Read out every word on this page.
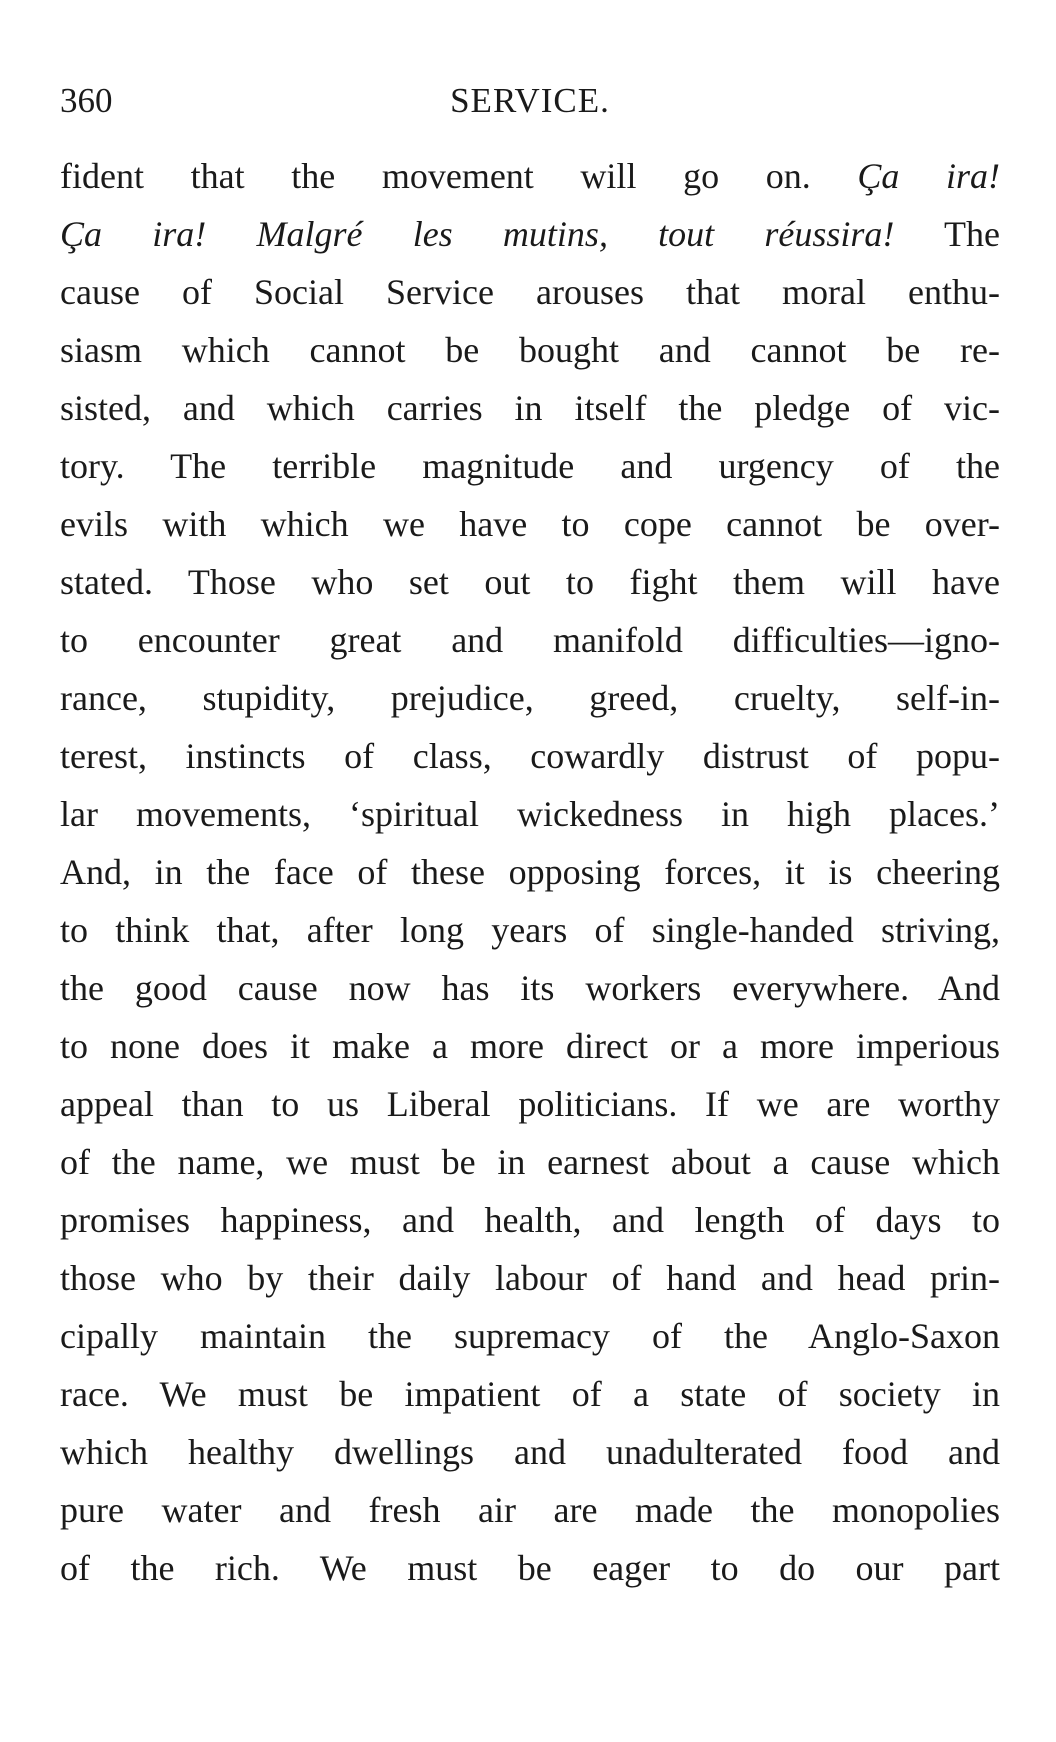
360	SERVICE.
fident that the movement will go on. Ça ira!
Ça ira! Malgré les mutins, tout réussira! The
cause of Social Service arouses that moral enthu-
siasm which cannot be bought and cannot be re-
sisted, and which carries in itself the pledge of vic-
tory. The terrible magnitude and urgency of the
evils with which we have to cope cannot be over-
stated. Those who set out to fight them will have
to encounter great and manifold difficulties—igno-
rance, stupidity, prejudice, greed, cruelty, self-in-
terest, instincts of class, cowardly distrust of popu-
lar movements, ‘spiritual wickedness in high places.’
And, in the face of these opposing forces, it is cheering
to think that, after long years of single-handed striving,
the good cause now has its workers everywhere. And
to none does it make a more direct or a more imperious
appeal than to us Liberal politicians. If we are worthy
of the name, we must be in earnest about a cause which
promises happiness, and health, and length of days to
those who by their daily labour of hand and head prin-
cipally maintain the supremacy of the Anglo-Saxon
race. We must be impatient of a state of society in
which healthy dwellings and unadulterated food and
pure water and fresh air are made the monopolies
of the rich. We must be eager to do our part
